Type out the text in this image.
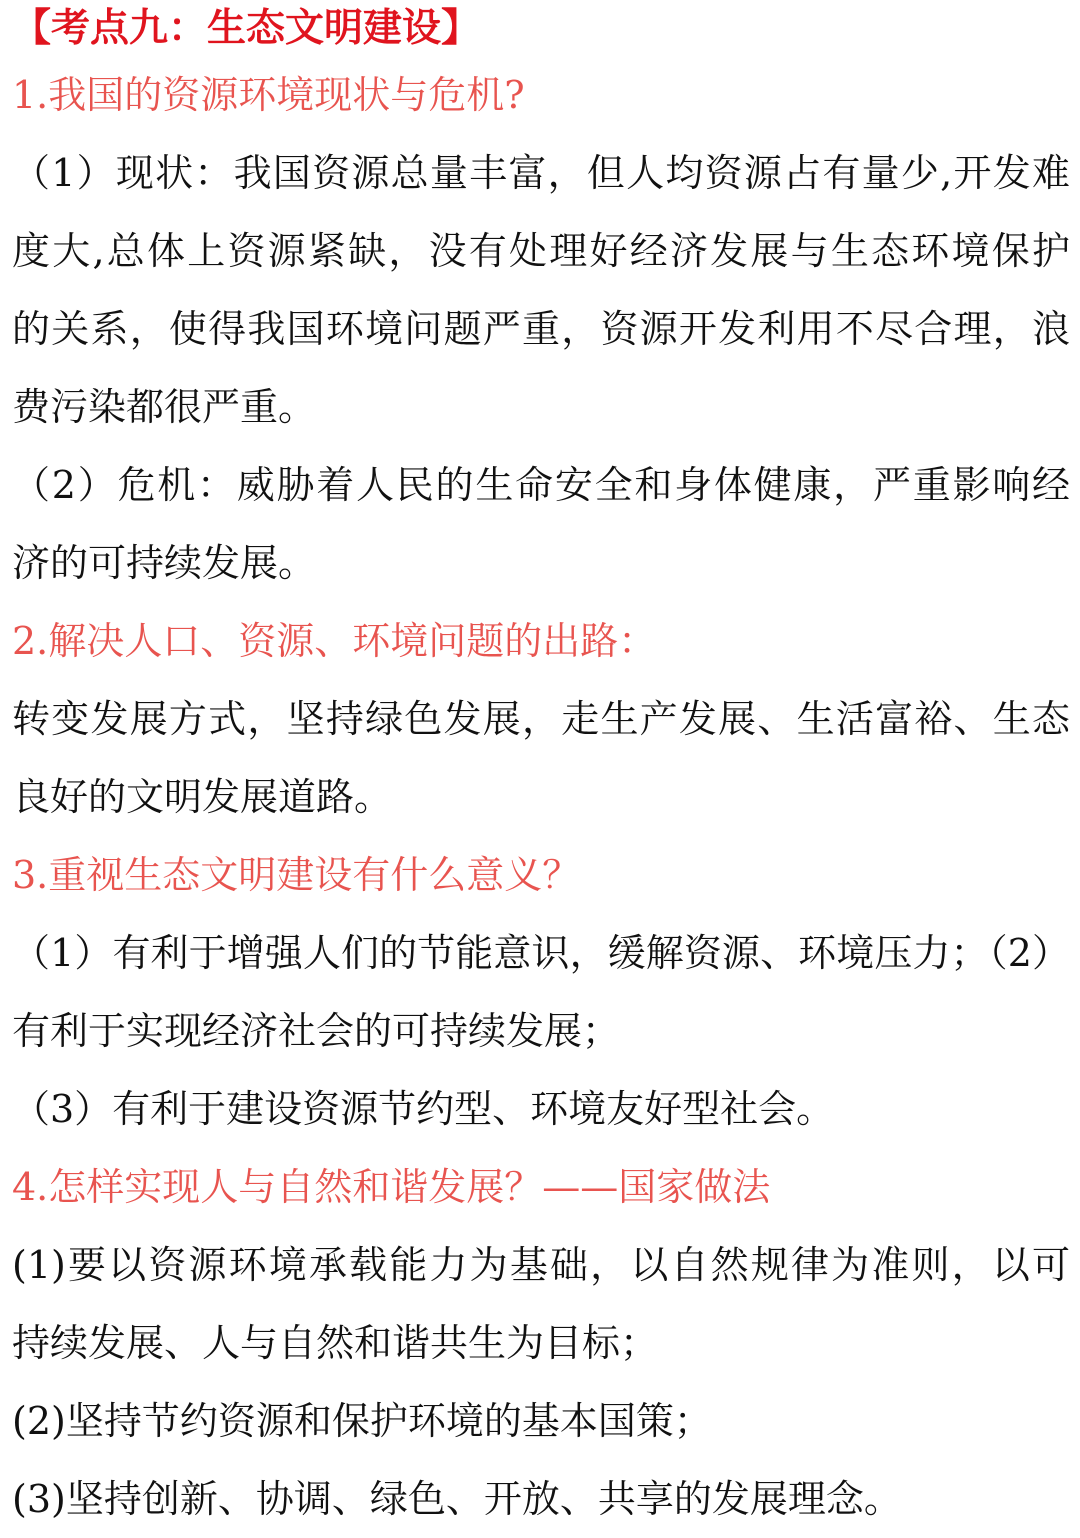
【考点九：生态文明建设】
1.我国的资源环境现状与危机?
（1）现状：我国资源总量丰富，但人均资源占有量少,开发难
度大,总体上资源紧缺，没有处理好经济发展与生态环境保护
的关系，使得我国环境问题严重，资源开发利用不尽合理，浪
费污染都很严重。
（2）危机：威胁着人民的生命安全和身体健康，严重影响经
济的可持续发展。
2.解决人口、资源、环境问题的出路：
转变发展方式，坚持绿色发展，走生产发展、生活富裕、生态
良好的文明发展道路。
3.重视生态文明建设有什么意义？
（1）有利于增强人们的节能意识，缓解资源、环境压力；（2）
有利于实现经济社会的可持续发展；
（3）有利于建设资源节约型、环境友好型社会。
4.怎样实现人与自然和谐发展？——国家做法
(1)要以资源环境承载能力为基础，以自然规律为准则，以可
持续发展、人与自然和谐共生为目标；
(2)坚持节约资源和保护环境的基本国策；
(3)坚持创新、协调、绿色、开放、共享的发展理念。
